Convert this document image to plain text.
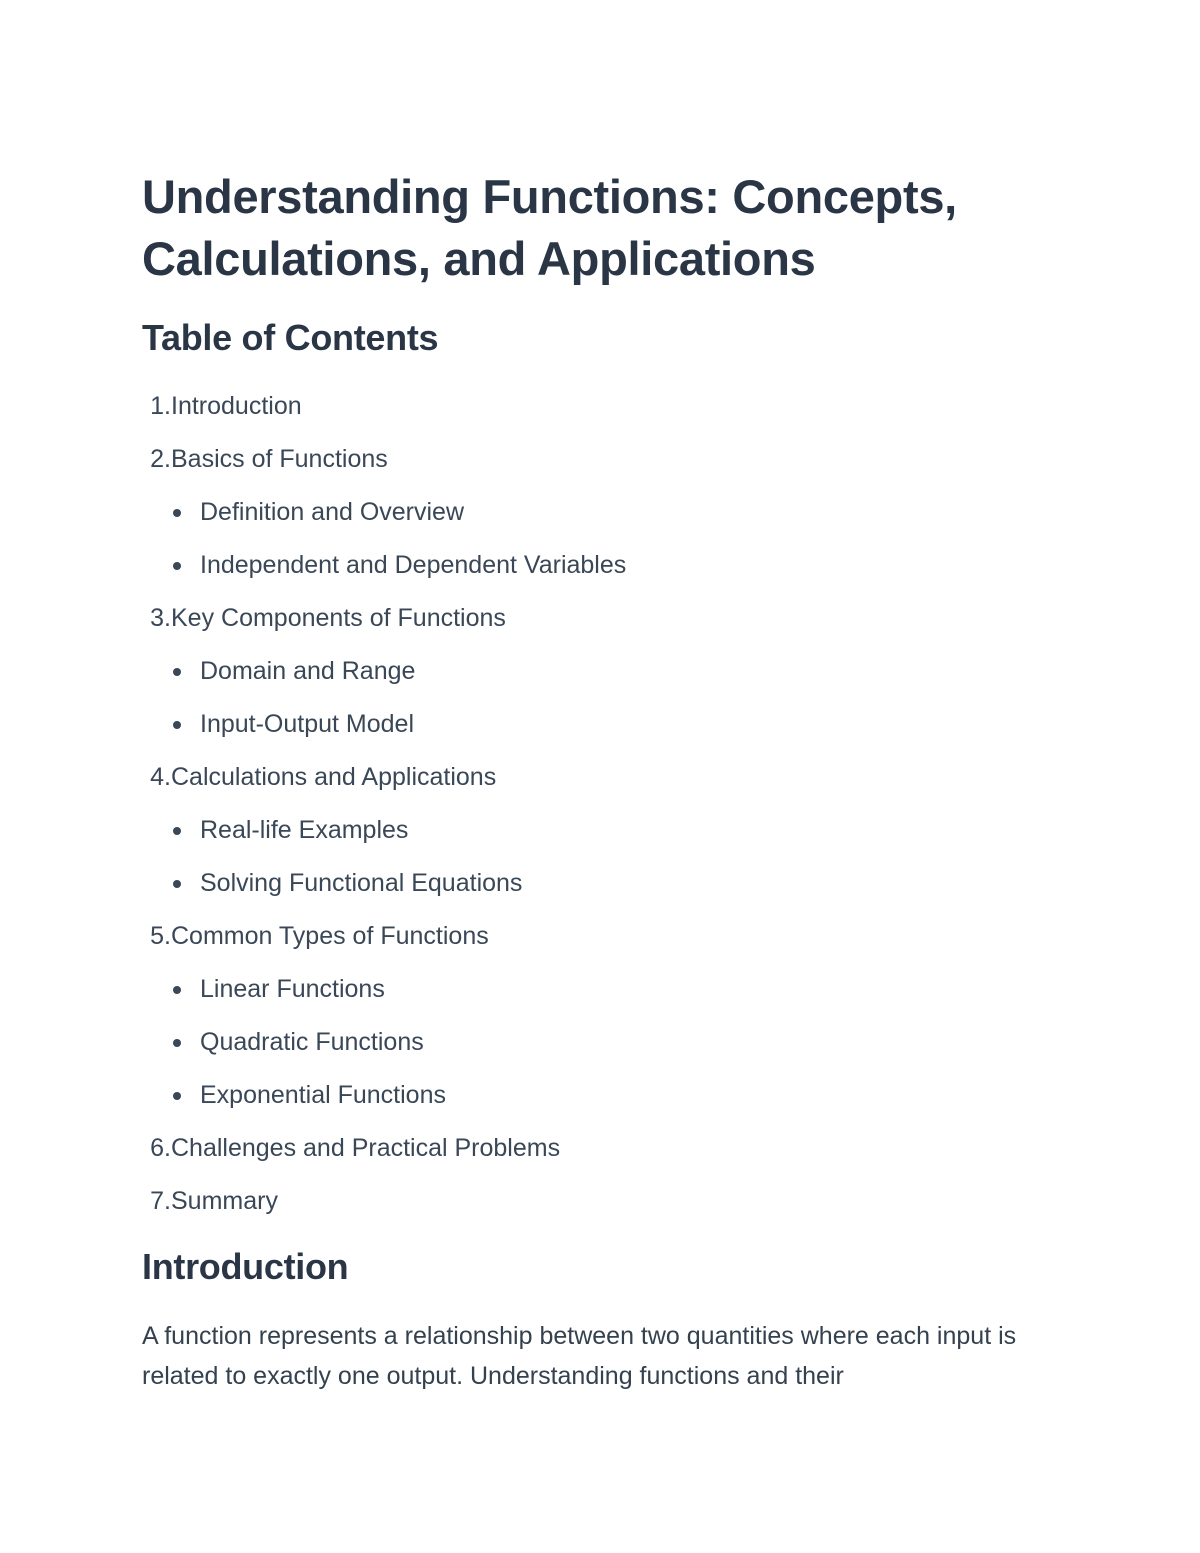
Understanding Functions: Concepts, Calculations, and Applications
Table of Contents
1.Introduction
2.Basics of Functions
Definition and Overview
Independent and Dependent Variables
3.Key Components of Functions
Domain and Range
Input-Output Model
4.Calculations and Applications
Real-life Examples
Solving Functional Equations
5.Common Types of Functions
Linear Functions
Quadratic Functions
Exponential Functions
6.Challenges and Practical Problems
7.Summary
Introduction

A function represents a relationship between two quantities where each input is related to exactly one output. Understanding functions and their
